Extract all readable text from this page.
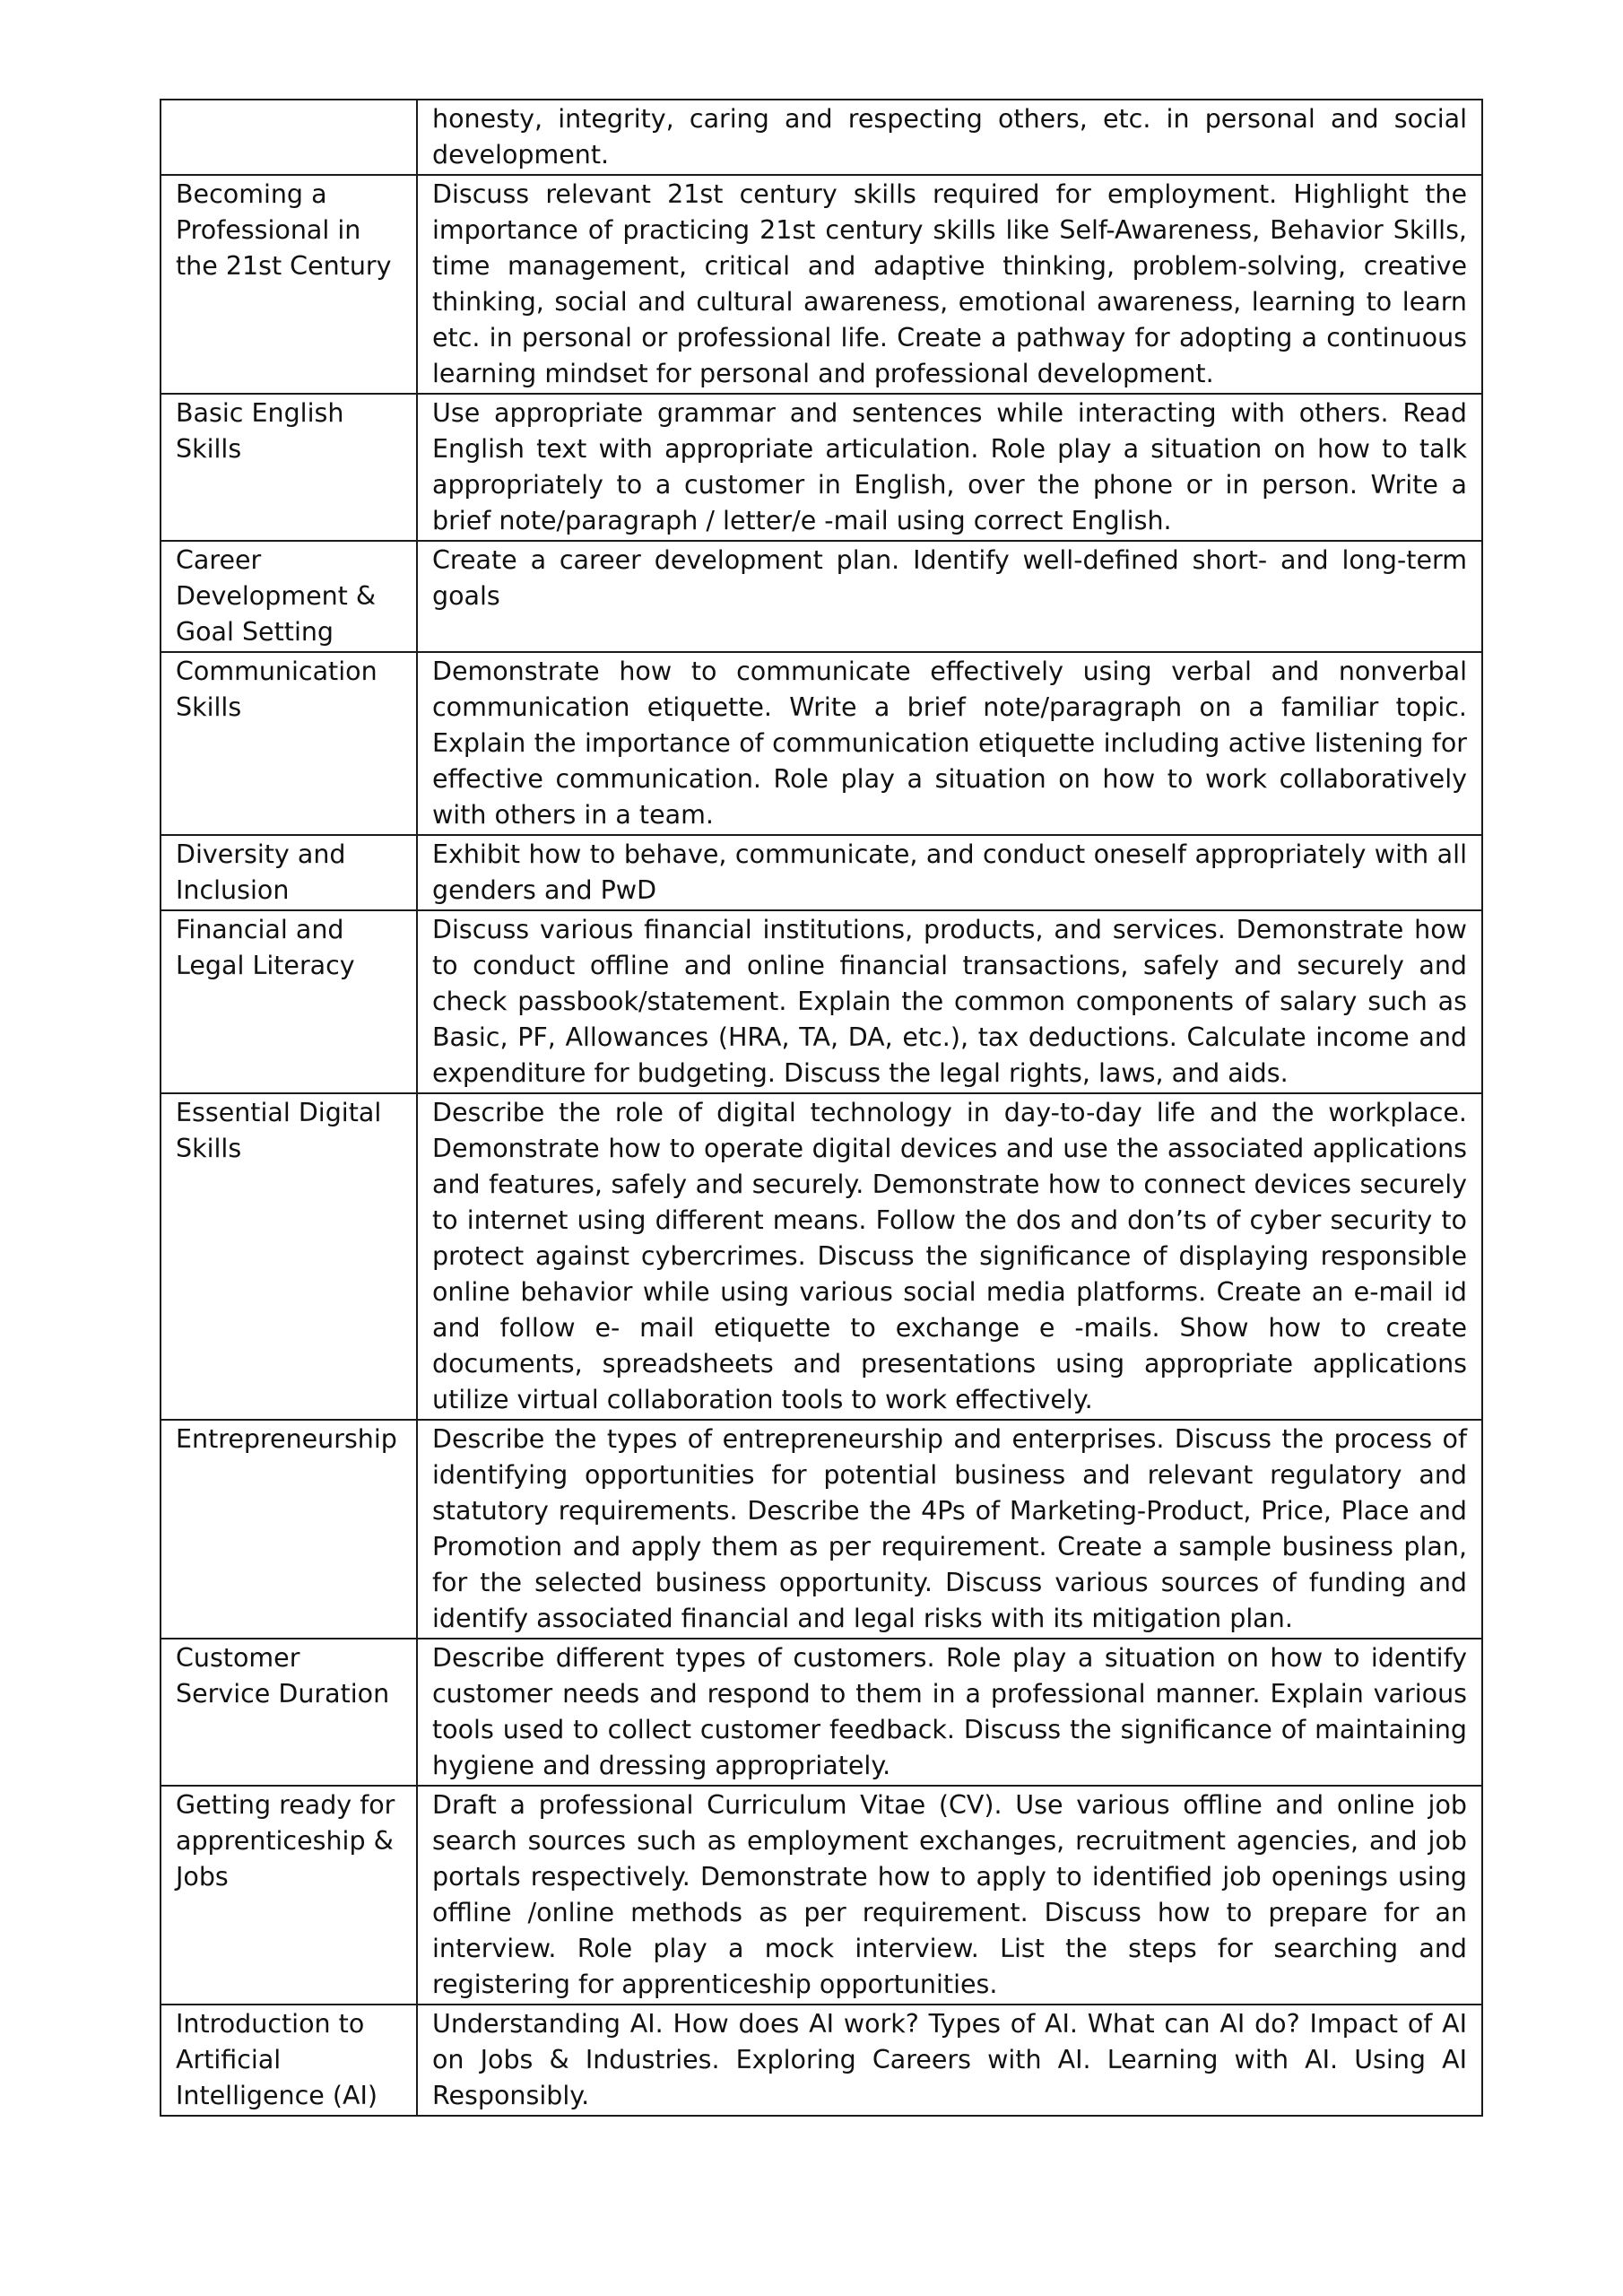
	honesty, integrity, caring and respecting others, etc. in personal and social development.
Becoming a Professional in the 21st Century	Discuss relevant 21st century skills required for employment. Highlight the importance of practicing 21st century skills like Self-Awareness, Behavior Skills, time management, critical and adaptive thinking, problem-solving, creative thinking, social and cultural awareness, emotional awareness, learning to learn etc. in personal or professional life. Create a pathway for adopting a continuous learning mindset for personal and professional development.
Basic English Skills	Use appropriate grammar and sentences while interacting with others. Read English text with appropriate articulation. Role play a situation on how to talk appropriately to a customer in English, over the phone or in person. Write a brief note/paragraph / letter/e -mail using correct English.
Career Development & Goal Setting	Create a career development plan. Identify well-defined short- and long-term goals
Communication Skills	Demonstrate how to communicate effectively using verbal and nonverbal communication etiquette. Write a brief note/paragraph on a familiar topic. Explain the importance of communication etiquette including active listening for effective communication. Role play a situation on how to work collaboratively with others in a team.
Diversity and Inclusion	Exhibit how to behave, communicate, and conduct oneself appropriately with all genders and PwD
Financial and Legal Literacy	Discuss various financial institutions, products, and services. Demonstrate how to conduct offline and online financial transactions, safely and securely and check passbook/statement. Explain the common components of salary such as Basic, PF, Allowances (HRA, TA, DA, etc.), tax deductions. Calculate income and expenditure for budgeting. Discuss the legal rights, laws, and aids.
Essential Digital Skills	Describe the role of digital technology in day-to-day life and the workplace. Demonstrate how to operate digital devices and use the associated applications and features, safely and securely. Demonstrate how to connect devices securely to internet using different means. Follow the dos and don’ts of cyber security to protect against cybercrimes. Discuss the significance of displaying responsible online behavior while using various social media platforms. Create an e-mail id and follow e- mail etiquette to exchange e -mails. Show how to create documents, spreadsheets and presentations using appropriate applications utilize virtual collaboration tools to work effectively.
Entrepreneurship	Describe the types of entrepreneurship and enterprises. Discuss the process of identifying opportunities for potential business and relevant regulatory and statutory requirements. Describe the 4Ps of Marketing-Product, Price, Place and Promotion and apply them as per requirement. Create a sample business plan, for the selected business opportunity. Discuss various sources of funding and identify associated financial and legal risks with its mitigation plan.
Customer Service Duration	Describe different types of customers. Role play a situation on how to identify customer needs and respond to them in a professional manner. Explain various tools used to collect customer feedback. Discuss the significance of maintaining hygiene and dressing appropriately.
Getting ready for apprenticeship & Jobs	Draft a professional Curriculum Vitae (CV). Use various offline and online job search sources such as employment exchanges, recruitment agencies, and job portals respectively. Demonstrate how to apply to identified job openings using offline /online methods as per requirement. Discuss how to prepare for an interview. Role play a mock interview. List the steps for searching and registering for apprenticeship opportunities.
Introduction to Artificial Intelligence (AI)	Understanding AI. How does AI work? Types of AI. What can AI do? Impact of AI on Jobs & Industries. Exploring Careers with AI. Learning with AI. Using AI Responsibly.
